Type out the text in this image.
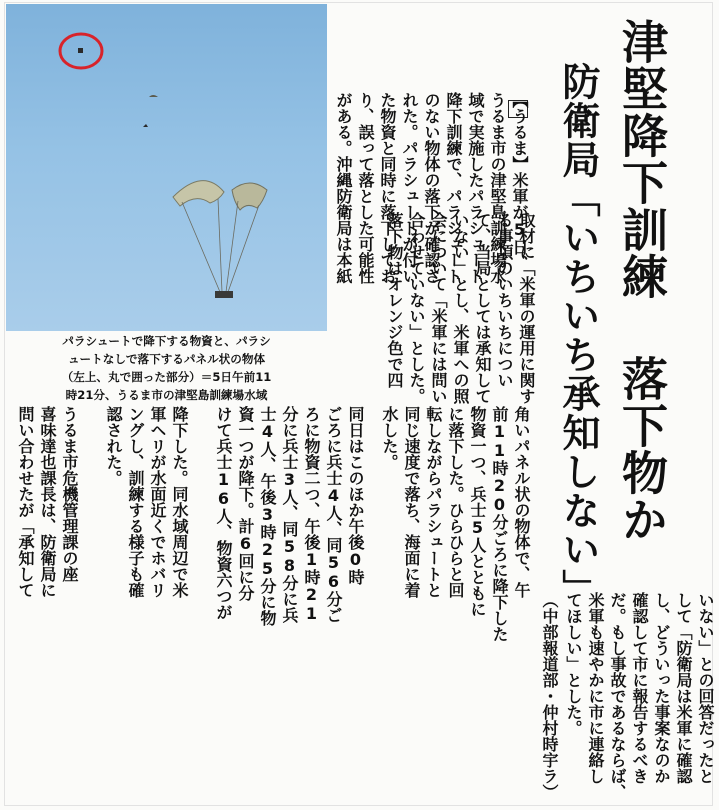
パラシュートで降下する物資と、パラシ
ュートなしで落下するパネル状の物体
（左上、丸で囲った部分）＝5日午前11
時21分、うるま市の津堅島訓練場水域	津堅降下訓練 落下物か
防衛局「いちいち承知しない」
【うるま】米軍が5日、
うるま市の津堅島訓練場水
域で実施したパラシュート
降下訓練で、パラシュート
のない物体の落下が確認さ
れた。パラシュートが付い
た物資と同時に落下してお
り、誤って落とした可能性
がある。沖縄防衛局は本紙
取材に「米軍の運用に関す
る事項のいちいちについ
て、当局としては承知して
いない」とし、米軍への照
会について「米軍には問い
合わせていない」とした。
落下物はオレンジ色で四
角いパネル状の物体で、午
前11時20分ごろに降下した
物資一つ、兵士5人とともに
に落下した。ひらひらと回
転しながらパラシュートと
同じ速度で落ち、海面に着
水した。
同日はこのほか午後0時
ごろに兵士4人、同56分ご
ろに物資二つ、午後1時21
分に兵士3人、同58分に兵
士4人、午後3時25分に物
資一つが降下。計6回に分
けて兵士16人、物資六つが
降下した。同水域周辺で米
軍ヘリが水面近くでホバリ
ングし、訓練する様子も確
認された。
うるま市危機管理課の座
喜味達也課長は、防衛局に
問い合わせたが「承知して
いない」との回答だったと
して「防衛局は米軍に確認
し、どういった事案なのか
確認して市に報告するべき
だ。もし事故であるならば、
米軍も速やかに市に連絡し
てほしい」とした。
（中部報道部・仲村時宇ラ）
